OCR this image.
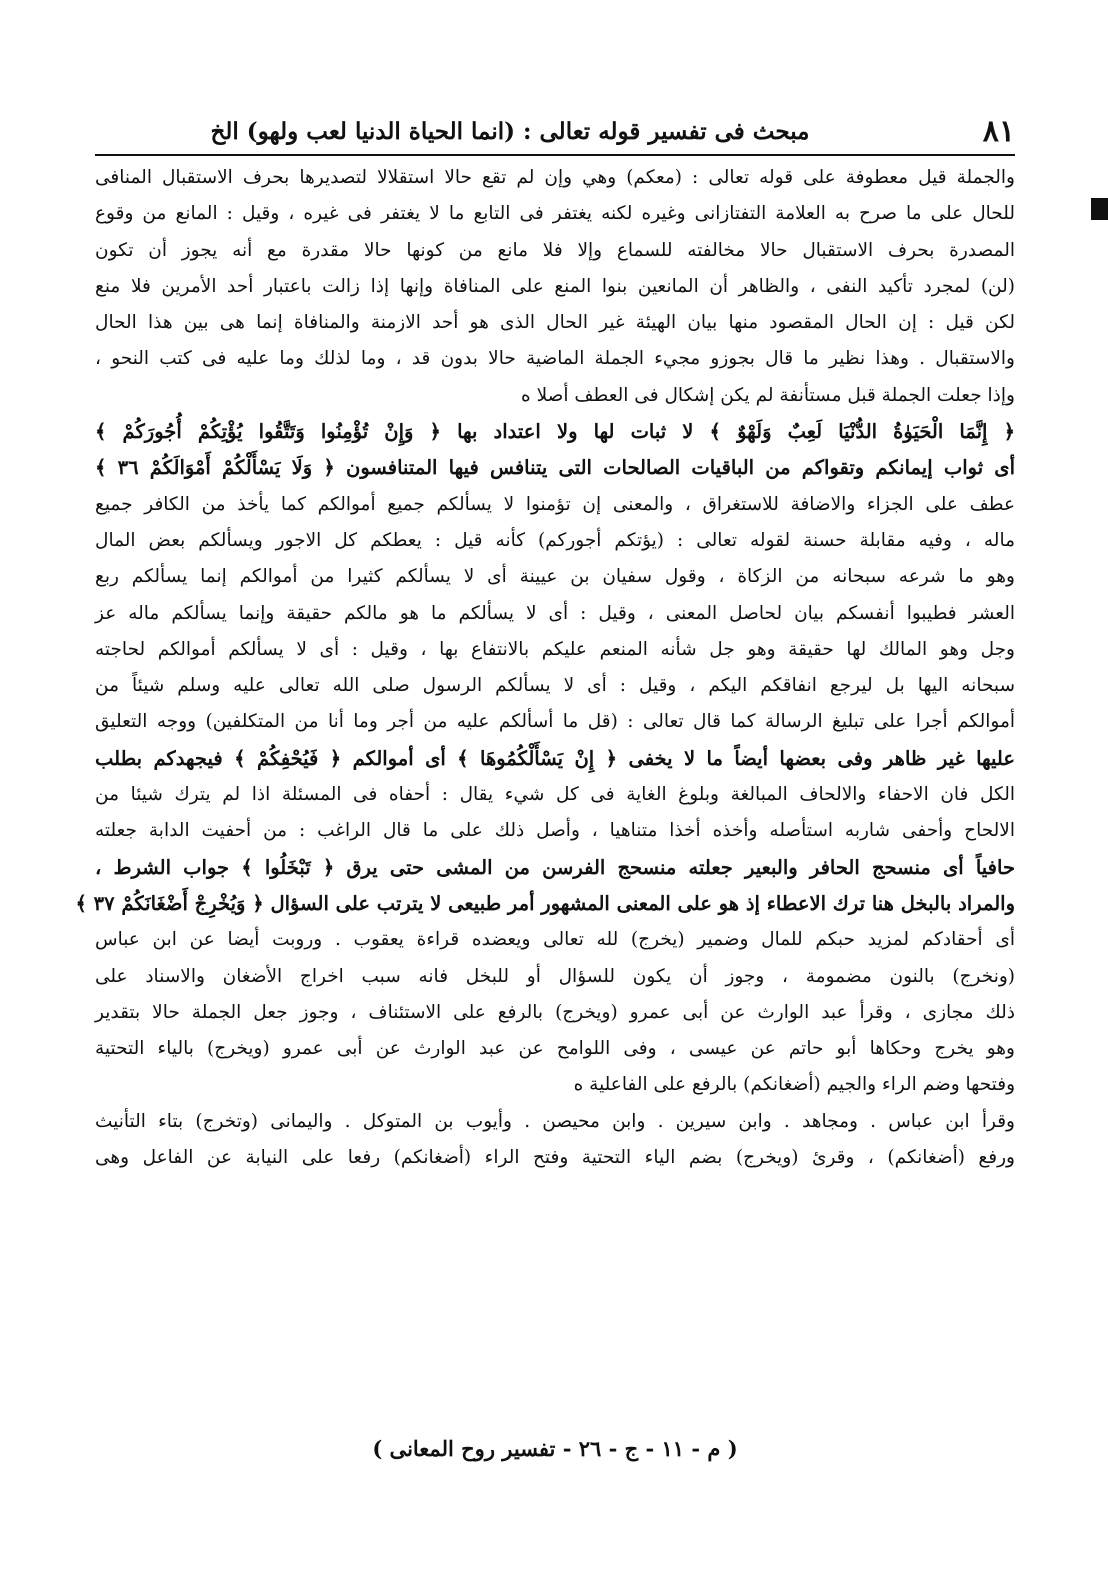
٨١
مبحث فى تفسير قوله تعالى : (انما الحياة الدنيا لعب ولهو) الخ
والجملة قيل معطوفة على قوله تعالى : (معكم) وهي وإن لم تقع حالا استقلالا لتصديرها بحرف الاستقبال المنافى
للحال على ما صرح به العلامة التفتازانى وغيره لكنه يغتفر فى التابع ما لا يغتفر فى غيره ، وقيل : المانع من وقوع
المصدرة بحرف الاستقبال حالا مخالفته للسماع وإلا فلا مانع من كونها حالا مقدرة مع أنه يجوز أن تكون
(لن) لمجرد تأكيد النفى ، والظاهر أن المانعين بنوا المنع على المنافاة وإنها إذا زالت باعتبار أحد الأمرين فلا منع
لكن قيل : إن الحال المقصود منها بيان الهيئة غير الحال الذى هو أحد الازمنة والمنافاة إنما هى بين هذا الحال
والاستقبال . وهذا نظير ما قال بجوزو مجيء الجملة الماضية حالا بدون قد ، وما لذلك وما عليه فى كتب النحو ،
وإذا جعلت الجملة قبل مستأنفة لم يكن إشكال فى العطف أصلا ه
﴿ إِنَّمَا الْحَيَوٰةُ الدُّنْيَا لَعِبٌ وَلَهْوٌ ﴾ لا ثبات لها ولا اعتداد بها ﴿ وَإِنْ تُؤْمِنُوا وَتَتَّقُوا يُؤْتِكُمْ أُجُورَكُمْ ﴾
أى ثواب إيمانكم وتقواكم من الباقيات الصالحات التى يتنافس فيها المتنافسون ﴿ وَلَا يَسْأَلْكُمْ أَمْوَالَكُمْ ٣٦ ﴾
عطف على الجزاء والاضافة للاستغراق ، والمعنى إن تؤمنوا لا يسألكم جميع أموالكم كما يأخذ من الكافر جميع
ماله ، وفيه مقابلة حسنة لقوله تعالى : (يؤتكم أجوركم) كأنه قيل : يعطكم كل الاجور ويسألكم بعض المال
وهو ما شرعه سبحانه من الزكاة ، وقول سفيان بن عيينة أى لا يسألكم كثيرا من أموالكم إنما يسألكم ربع
العشر فطيبوا أنفسكم بيان لحاصل المعنى ، وقيل : أى لا يسألكم ما هو مالكم حقيقة وإنما يسألكم ماله عز
وجل وهو المالك لها حقيقة وهو جل شأنه المنعم عليكم بالانتفاع بها ، وقيل : أى لا يسألكم أموالكم لحاجته
سبحانه اليها بل ليرجع انفاقكم اليكم ، وقيل : أى لا يسألكم الرسول صلى الله تعالى عليه وسلم شيئاً من
أموالكم أجرا على تبليغ الرسالة كما قال تعالى : (قل ما أسألكم عليه من أجر وما أنا من المتكلفين) ووجه التعليق
عليها غير ظاهر وفى بعضها أيضاً ما لا يخفى ﴿ إِنْ يَسْأَلْكُمُوهَا ﴾ أى أموالكم ﴿ فَيُحْفِكُمْ ﴾ فيجهدكم بطلب
الكل فان الاحفاء والالحاف المبالغة وبلوغ الغاية فى كل شيء يقال : أحفاه فى المسئلة اذا لم يترك شيئا من
الالحاح وأحفى شاربه استأصله وأخذه أخذا متناهيا ، وأصل ذلك على ما قال الراغب : من أحفيت الدابة جعلته
حافياً أى منسحج الحافر والبعير جعلته منسحج الفرسن من المشى حتى يرق ﴿ تَبْخَلُوا ﴾ جواب الشرط ،
والمراد بالبخل هنا ترك الاعطاء إذ هو على المعنى المشهور أمر طبيعى لا يترتب على السؤال ﴿ وَيُخْرِجْ أَضْغَانَكُمْ ٣٧ ﴾
أى أحقادكم لمزيد حبكم للمال وضمير (يخرج) لله تعالى ويعضده قراءة يعقوب . وروبت أيضا عن ابن عباس
(ونخرج) بالنون مضمومة ، وجوز أن يكون للسؤال أو للبخل فانه سبب اخراج الأضغان والاسناد على
ذلك مجازى ، وقرأ عبد الوارث عن أبى عمرو (ويخرج) بالرفع على الاستئناف ، وجوز جعل الجملة حالا بتقدير
وهو يخرج وحكاها أبو حاتم عن عيسى ، وفى اللوامح عن عبد الوارث عن أبى عمرو (ويخرج) بالياء التحتية
وفتحها وضم الراء والجيم (أضغانكم) بالرفع على الفاعلية ه
وقرأ ابن عباس . ومجاهد . وابن سيرين . وابن محيصن . وأيوب بن المتوكل . واليمانى (وتخرج) بتاء التأنيث
ورفع (أضغانكم) ، وقرئ (ويخرج) بضم الياء التحتية وفتح الراء (أضغانكم) رفعا على النيابة عن الفاعل وهى
( م - ١١ - ج - ٢٦ - تفسير روح المعانى )
